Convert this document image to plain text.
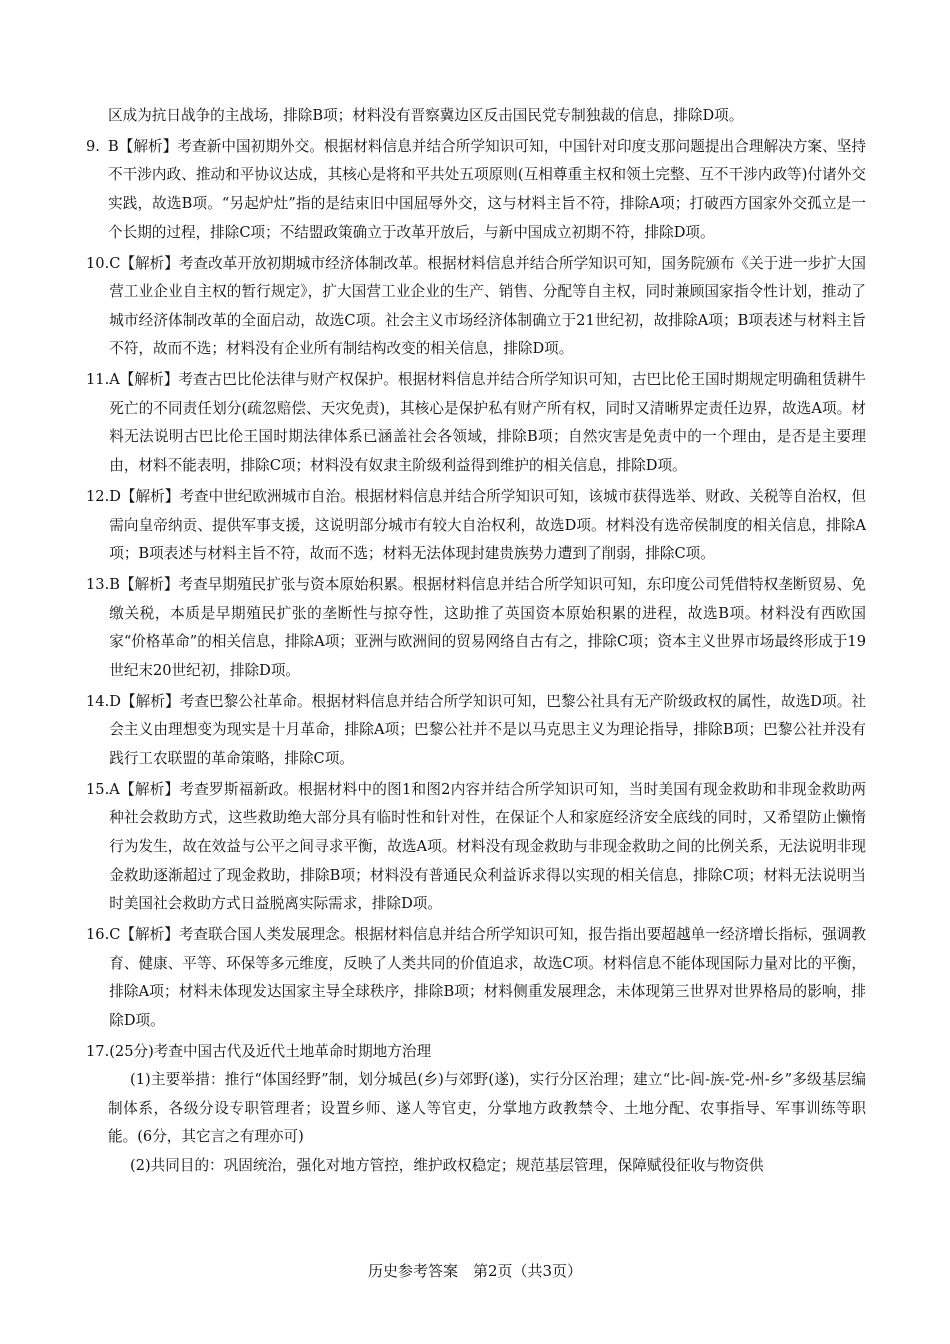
区成为抗日战争的主战场，排除B项；材料没有晋察冀边区反击国民党专制独裁的信息，排除D项。

9. B【解析】考查新中国初期外交。根据材料信息并结合所学知识可知，中国针对印度支那问题提出合理解决方案、坚持不干涉内政、推动和平协议达成，其核心是将和平共处五项原则(互相尊重主权和领土完整、互不干涉内政等)付诸外交实践，故选B项。“另起炉灶”指的是结束旧中国屈辱外交，这与材料主旨不符，排除A项；打破西方国家外交孤立是一个长期的过程，排除C项；不结盟政策确立于改革开放后，与新中国成立初期不符，排除D项。
10. C【解析】考查改革开放初期城市经济体制改革。根据材料信息并结合所学知识可知，国务院颁布《关于进一步扩大国营工业企业自主权的暂行规定》，扩大国营工业企业的生产、销售、分配等自主权，同时兼顾国家指令性计划，推动了城市经济体制改革的全面启动，故选C项。社会主义市场经济体制确立于21世纪初，故排除A项；B项表述与材料主旨不符，故而不选；材料没有企业所有制结构改变的相关信息，排除D项。
11. A【解析】考查古巴比伦法律与财产权保护。根据材料信息并结合所学知识可知，古巴比伦王国时期规定明确租赁耕牛死亡的不同责任划分(疏忽赔偿、天灾免责)，其核心是保护私有财产所有权，同时又清晰界定责任边界，故选A项。材料无法说明古巴比伦王国时期法律体系已涵盖社会各领域，排除B项；自然灾害是免责中的一个理由，是否是主要理由，材料不能表明，排除C项；材料没有奴隶主阶级利益得到维护的相关信息，排除D项。
12. D【解析】考查中世纪欧洲城市自治。根据材料信息并结合所学知识可知，该城市获得选举、财政、关税等自治权，但需向皇帝纳贡、提供军事支援，这说明部分城市有较大自治权利，故选D项。材料没有选帝侯制度的相关信息，排除A项；B项表述与材料主旨不符，故而不选；材料无法体现封建贵族势力遭到了削弱，排除C项。
13. B【解析】考查早期殖民扩张与资本原始积累。根据材料信息并结合所学知识可知，东印度公司凭借特权垄断贸易、免缴关税，本质是早期殖民扩张的垄断性与掠夺性，这助推了英国资本原始积累的进程，故选B项。材料没有西欧国家“价格革命”的相关信息，排除A项；亚洲与欧洲间的贸易网络自古有之，排除C项；资本主义世界市场最终形成于19世纪末20世纪初，排除D项。
14. D【解析】考查巴黎公社革命。根据材料信息并结合所学知识可知，巴黎公社具有无产阶级政权的属性，故选D项。社会主义由理想变为现实是十月革命，排除A项；巴黎公社并不是以马克思主义为理论指导，排除B项；巴黎公社并没有践行工农联盟的革命策略，排除C项。
15. A【解析】考查罗斯福新政。根据材料中的图1和图2内容并结合所学知识可知，当时美国有现金救助和非现金救助两种社会救助方式，这些救助绝大部分具有临时性和针对性，在保证个人和家庭经济安全底线的同时，又希望防止懒惰行为发生，故在效益与公平之间寻求平衡，故选A项。材料没有现金救助与非现金救助之间的比例关系，无法说明非现金救助逐渐超过了现金救助，排除B项；材料没有普通民众利益诉求得以实现的相关信息，排除C项；材料无法说明当时美国社会救助方式日益脱离实际需求，排除D项。
16. C【解析】考查联合国人类发展理念。根据材料信息并结合所学知识可知，报告指出要超越单一经济增长指标，强调教育、健康、平等、环保等多元维度，反映了人类共同的价值追求，故选C项。材料信息不能体现国际力量对比的平衡，排除A项；材料未体现发达国家主导全球秩序，排除B项；材料侧重发展理念，未体现第三世界对世界格局的影响，排除D项。
17. (25分)考查中国古代及近代土地革命时期地方治理

(1)主要举措：推行“体国经野”制，划分城邑(乡)与郊野(遂)，实行分区治理；建立“比-闾-族-党-州-乡”多级基层编制体系，各级分设专职管理者；设置乡师、遂人等官吏，分掌地方政教禁令、土地分配、农事指导、军事训练等职能。(6分，其它言之有理亦可)

(2)共同目的：巩固统治，强化对地方管控，维护政权稳定；规范基层管理，保障赋役征收与物资供

历史参考答案　第2页（共3页）
